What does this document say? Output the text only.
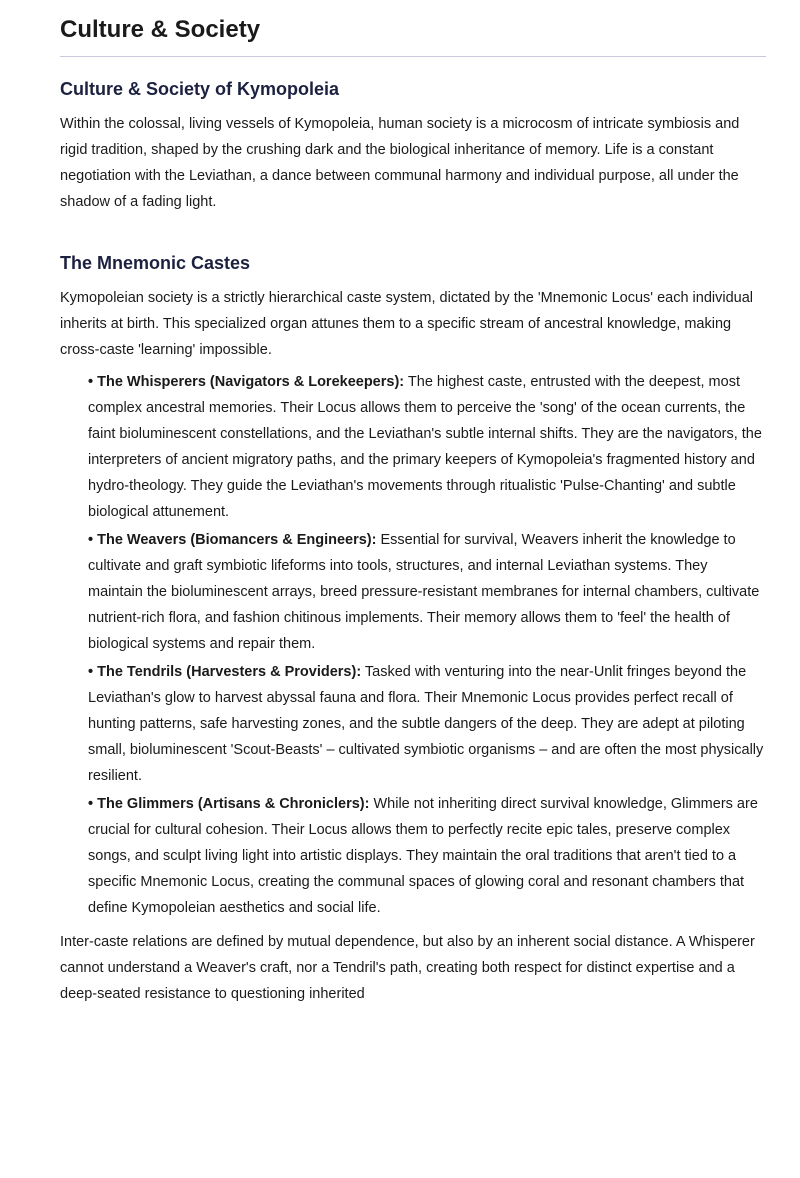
Culture & Society
Culture & Society of Kymopoleia

Within the colossal, living vessels of Kymopoleia, human society is a microcosm of intricate symbiosis and rigid tradition, shaped by the crushing dark and the biological inheritance of memory. Life is a constant negotiation with the Leviathan, a dance between communal harmony and individual purpose, all under the shadow of a fading light.

The Mnemonic Castes

Kymopoleian society is a strictly hierarchical caste system, dictated by the 'Mnemonic Locus' each individual inherits at birth. This specialized organ attunes them to a specific stream of ancestral knowledge, making cross-caste 'learning' impossible.

• The Whisperers (Navigators & Lorekeepers): The highest caste, entrusted with the deepest, most complex ancestral memories. Their Locus allows them to perceive the 'song' of the ocean currents, the faint bioluminescent constellations, and the Leviathan's subtle internal shifts. They are the navigators, the interpreters of ancient migratory paths, and the primary keepers of Kymopoleia's fragmented history and hydro-theology. They guide the Leviathan's movements through ritualistic 'Pulse-Chanting' and subtle biological attunement.

• The Weavers (Biomancers & Engineers): Essential for survival, Weavers inherit the knowledge to cultivate and graft symbiotic lifeforms into tools, structures, and internal Leviathan systems. They maintain the bioluminescent arrays, breed pressure-resistant membranes for internal chambers, cultivate nutrient-rich flora, and fashion chitinous implements. Their memory allows them to 'feel' the health of biological systems and repair them.

• The Tendrils (Harvesters & Providers): Tasked with venturing into the near-Unlit fringes beyond the Leviathan's glow to harvest abyssal fauna and flora. Their Mnemonic Locus provides perfect recall of hunting patterns, safe harvesting zones, and the subtle dangers of the deep. They are adept at piloting small, bioluminescent 'Scout-Beasts' – cultivated symbiotic organisms – and are often the most physically resilient.

• The Glimmers (Artisans & Chroniclers): While not inheriting direct survival knowledge, Glimmers are crucial for cultural cohesion. Their Locus allows them to perfectly recite epic tales, preserve complex songs, and sculpt living light into artistic displays. They maintain the oral traditions that aren't tied to a specific Mnemonic Locus, creating the communal spaces of glowing coral and resonant chambers that define Kymopoleian aesthetics and social life.

Inter-caste relations are defined by mutual dependence, but also by an inherent social distance. A Whisperer cannot understand a Weaver's craft, nor a Tendril's path, creating both respect for distinct expertise and a deep-seated resistance to questioning inherited
